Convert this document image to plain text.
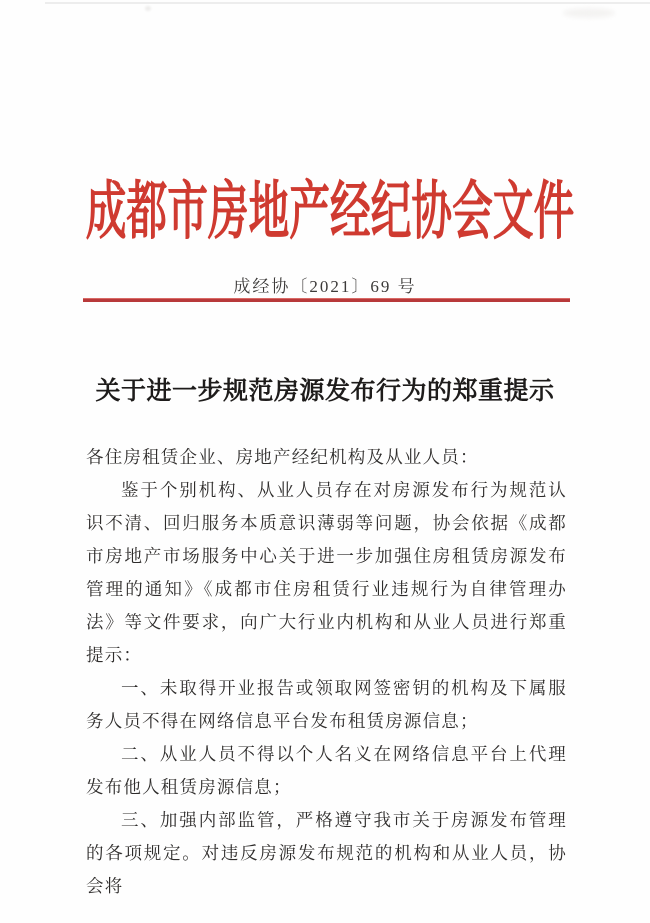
成都市房地产经纪协会文件
成经协〔2021〕69 号
关于进一步规范房源发布行为的郑重提示

各住房租赁企业、房地产经纪机构及从业人员：

鉴于个别机构、从业人员存在对房源发布行为规范认识不清、回归服务本质意识薄弱等问题，协会依据《成都市房地产市场服务中心关于进一步加强住房租赁房源发布管理的通知》《成都市住房租赁行业违规行为自律管理办法》等文件要求，向广大行业内机构和从业人员进行郑重提示：

一、未取得开业报告或领取网签密钥的机构及下属服务人员不得在网络信息平台发布租赁房源信息；

二、从业人员不得以个人名义在网络信息平台上代理发布他人租赁房源信息；

三、加强内部监管，严格遵守我市关于房源发布管理的各项规定。对违反房源发布规范的机构和从业人员，协会将
